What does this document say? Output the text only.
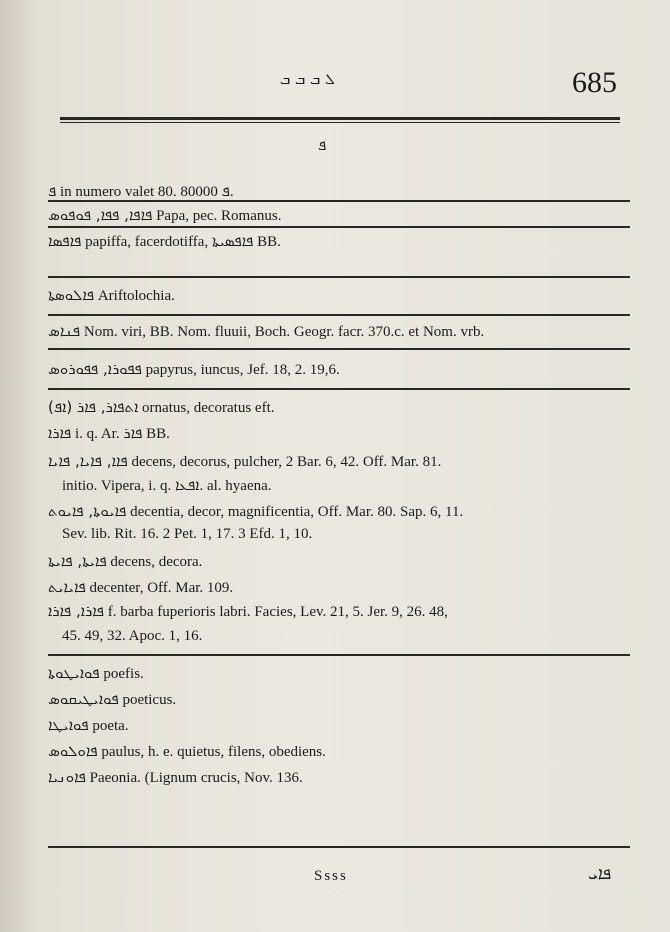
ܠ ܒ ܒ ܒ	685
ܦ
ܦ in numero valet 80.	ܦ 80000.
ܦܐܦܐ, ܦܦܐ, ܦܘܦܘܣ Papa, pec. Romanus.
ܦܐܦܣܐ papiffa, facerdotiffa, ܦܐܦܣܝܬܐ BB.
ܦܐܠܘܣܬܐ Ariftolochia.
ܦܢܐܣ Nom. viri, BB. Nom. fluuii, Boch. Geogr. facr. 370.c. et Nom. vrb.
ܦܦܘܪܐ, ܦܦܘܪܘܣ papyrus, iuncus, Jef. 18, 2. 19,6.
(ܐܦ) ܐܬܦܐܪ, ܦܐܪ ornatus, decoratus eft.
ܦܐܪܐ i. q. Ar. ܦܐܪ BB.
ܦܐܐ, ܦܐܝܐ, ܦܐܝܐ decens, decorus, pulcher, 2 Bar. 6, 42. Off. Mar. 81.
initio. Vipera, i. q. ܐܦܥܐ. al. hyaena.
ܦܐܝܘܬܐ, ܦܐܝܘܬ decentia, decor, magnificentia, Off. Mar. 80. Sap. 6, 11.
Sev. lib. Rit. 16. 2 Pet. 1, 17. 3 Efd. 1, 10.
ܦܐܝܬܐ, ܦܐܝܬܐ decens, decora.
ܦܐܝܐܝܬ decenter, Off. Mar. 109.
ܦܐܪܐ, ܦܐܪܐ f. barba fuperioris labri. Facies, Lev. 21, 5. Jer. 9, 26. 48,
45. 49, 32. Apoc. 1, 16.
ܦܘܐܝܛܘܬܐ poefis.
ܦܘܐܝܛܝܩܘܣ poeticus.
ܦܘܐܝܛܐ poeta.
ܦܐܘܠܘܣ paulus, h. e. quietus, filens, obediens.
ܦܐܘܢܝܐ Paeonia. (Lignum crucis, Nov. 136.
Ssss	ܦܐܝ
